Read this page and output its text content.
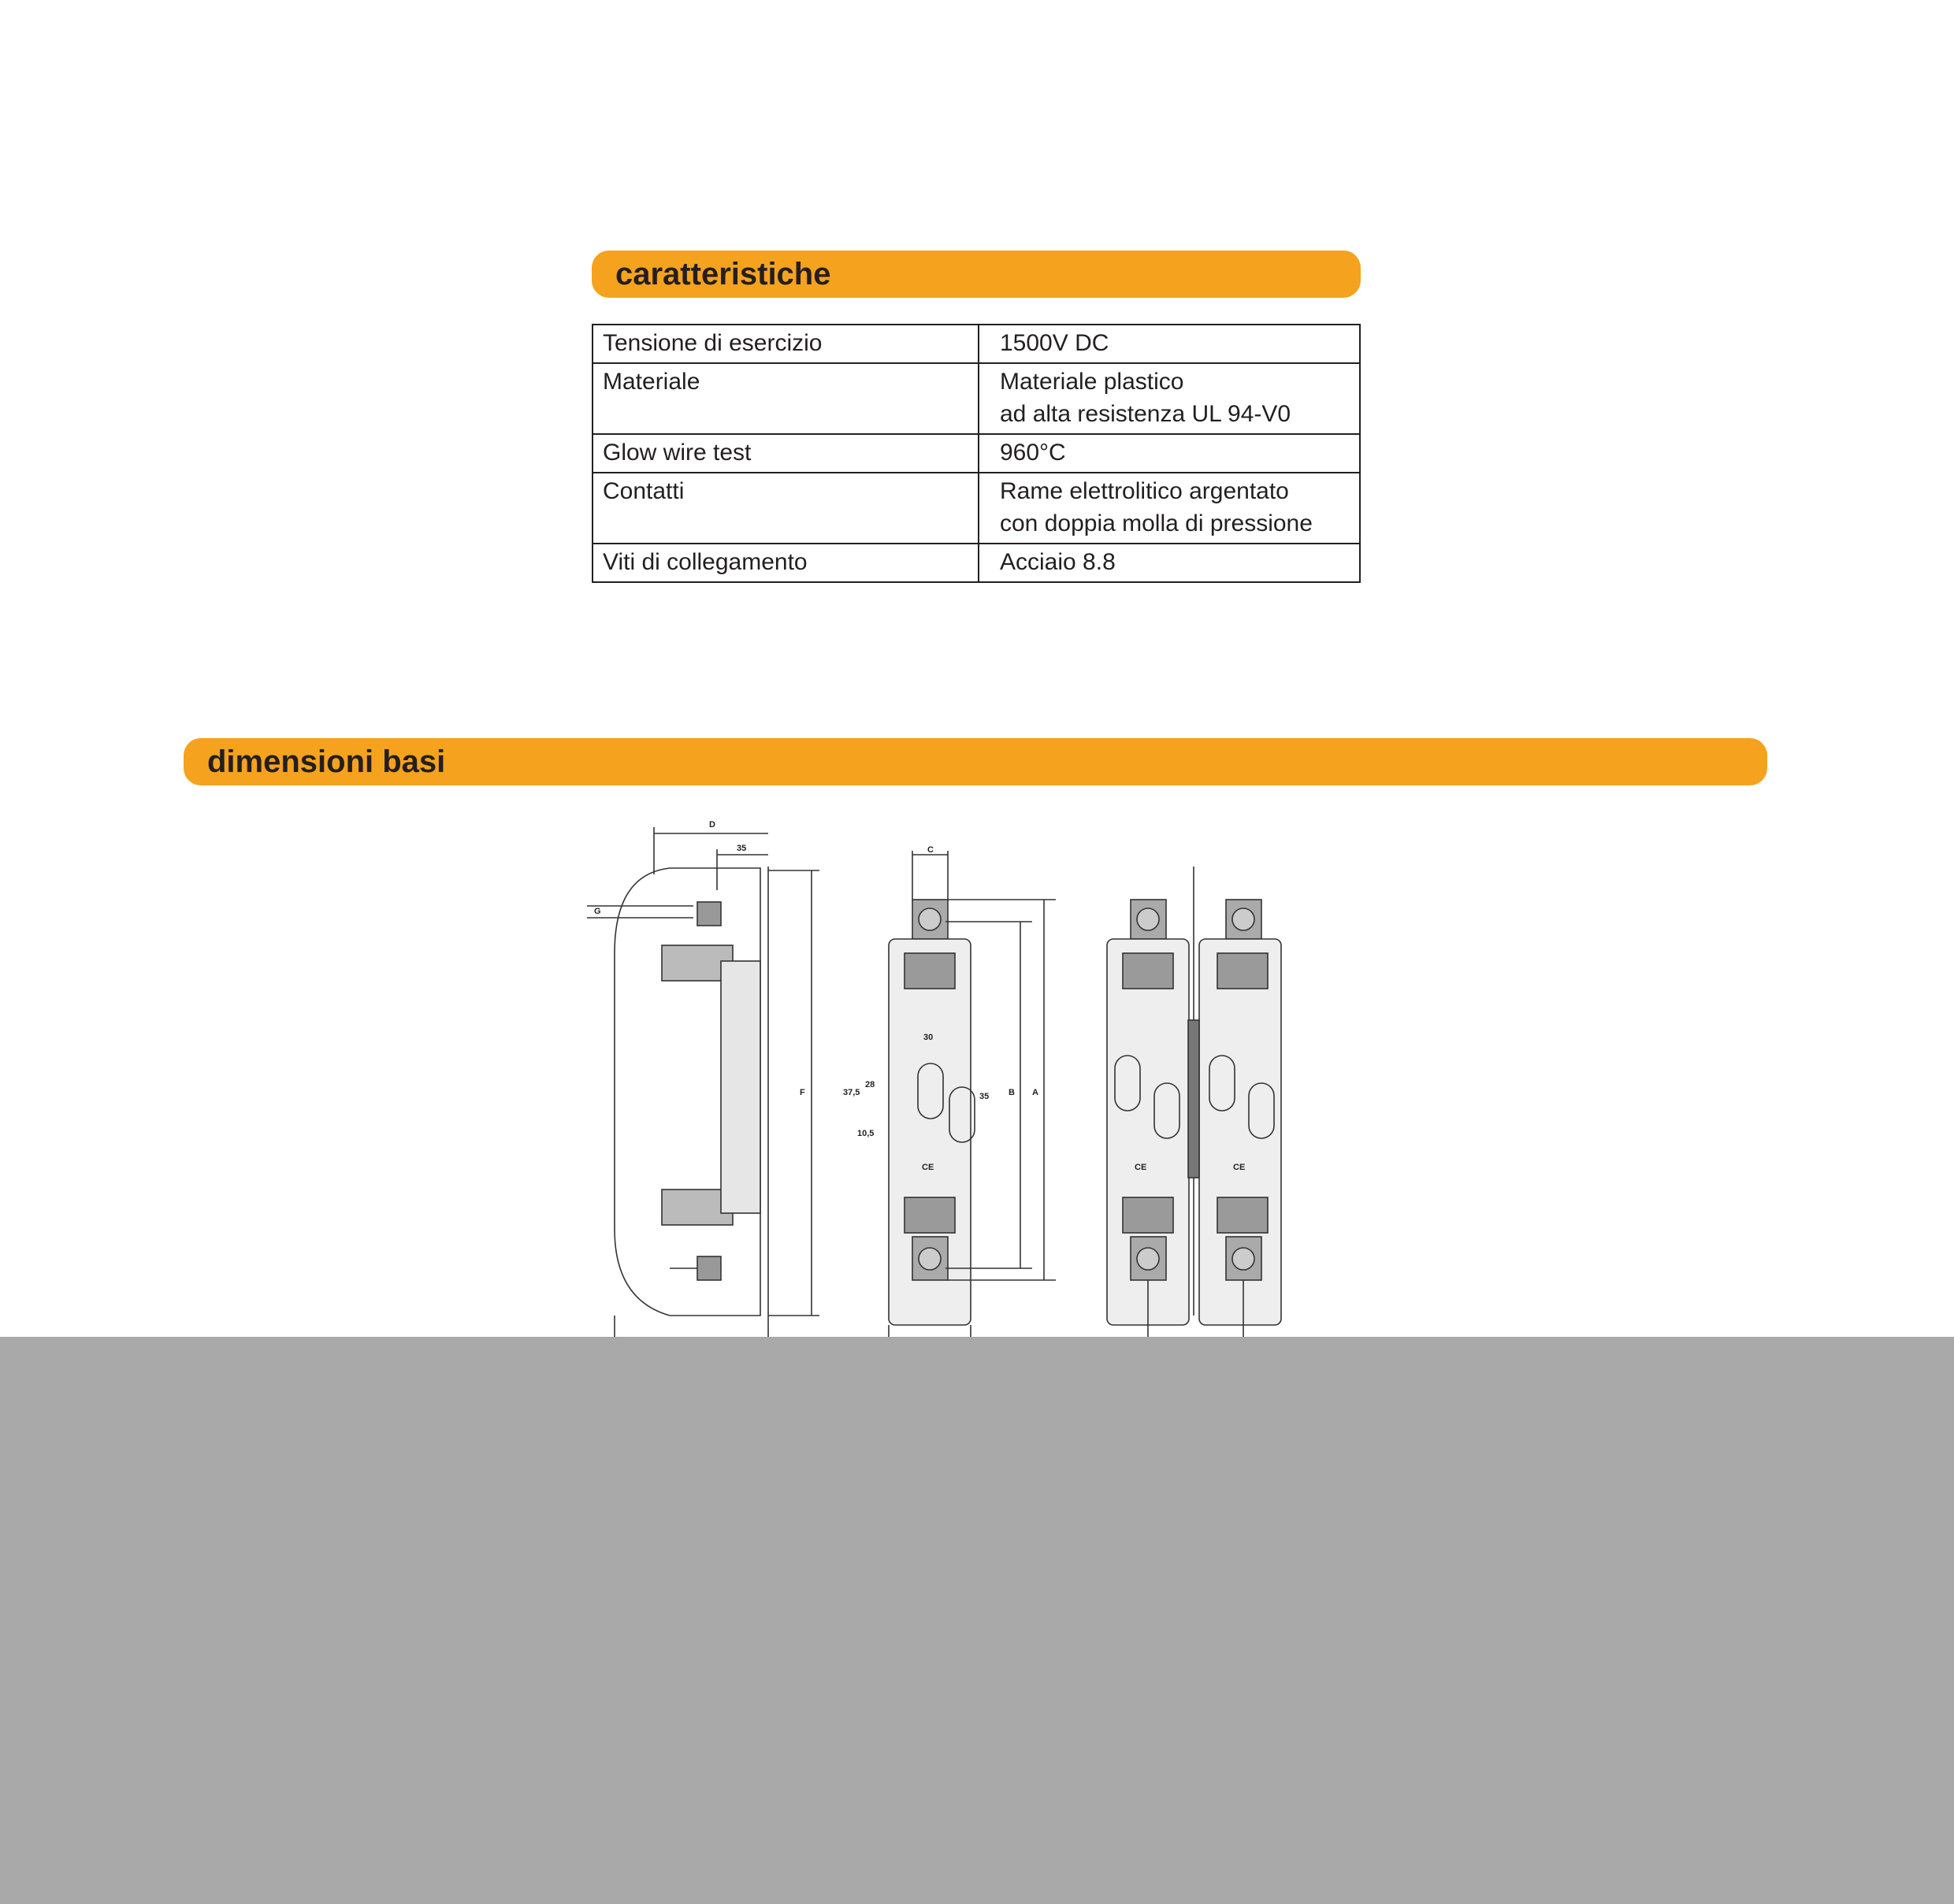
caratteristiche
Tensione di esercizio	1500V DC

Materiale	Materiale plastico
ad alta resistenza UL 94-V0

Glow wire test	960°C

Contatti	Rame elettrolitico argentato
con doppia molla di pressione

Viti di collegamento	Acciaio 8.8
dimensioni basi
D
35
G
F
C
B A
30
37,5
28
35
10,5
CE	CE	CE
